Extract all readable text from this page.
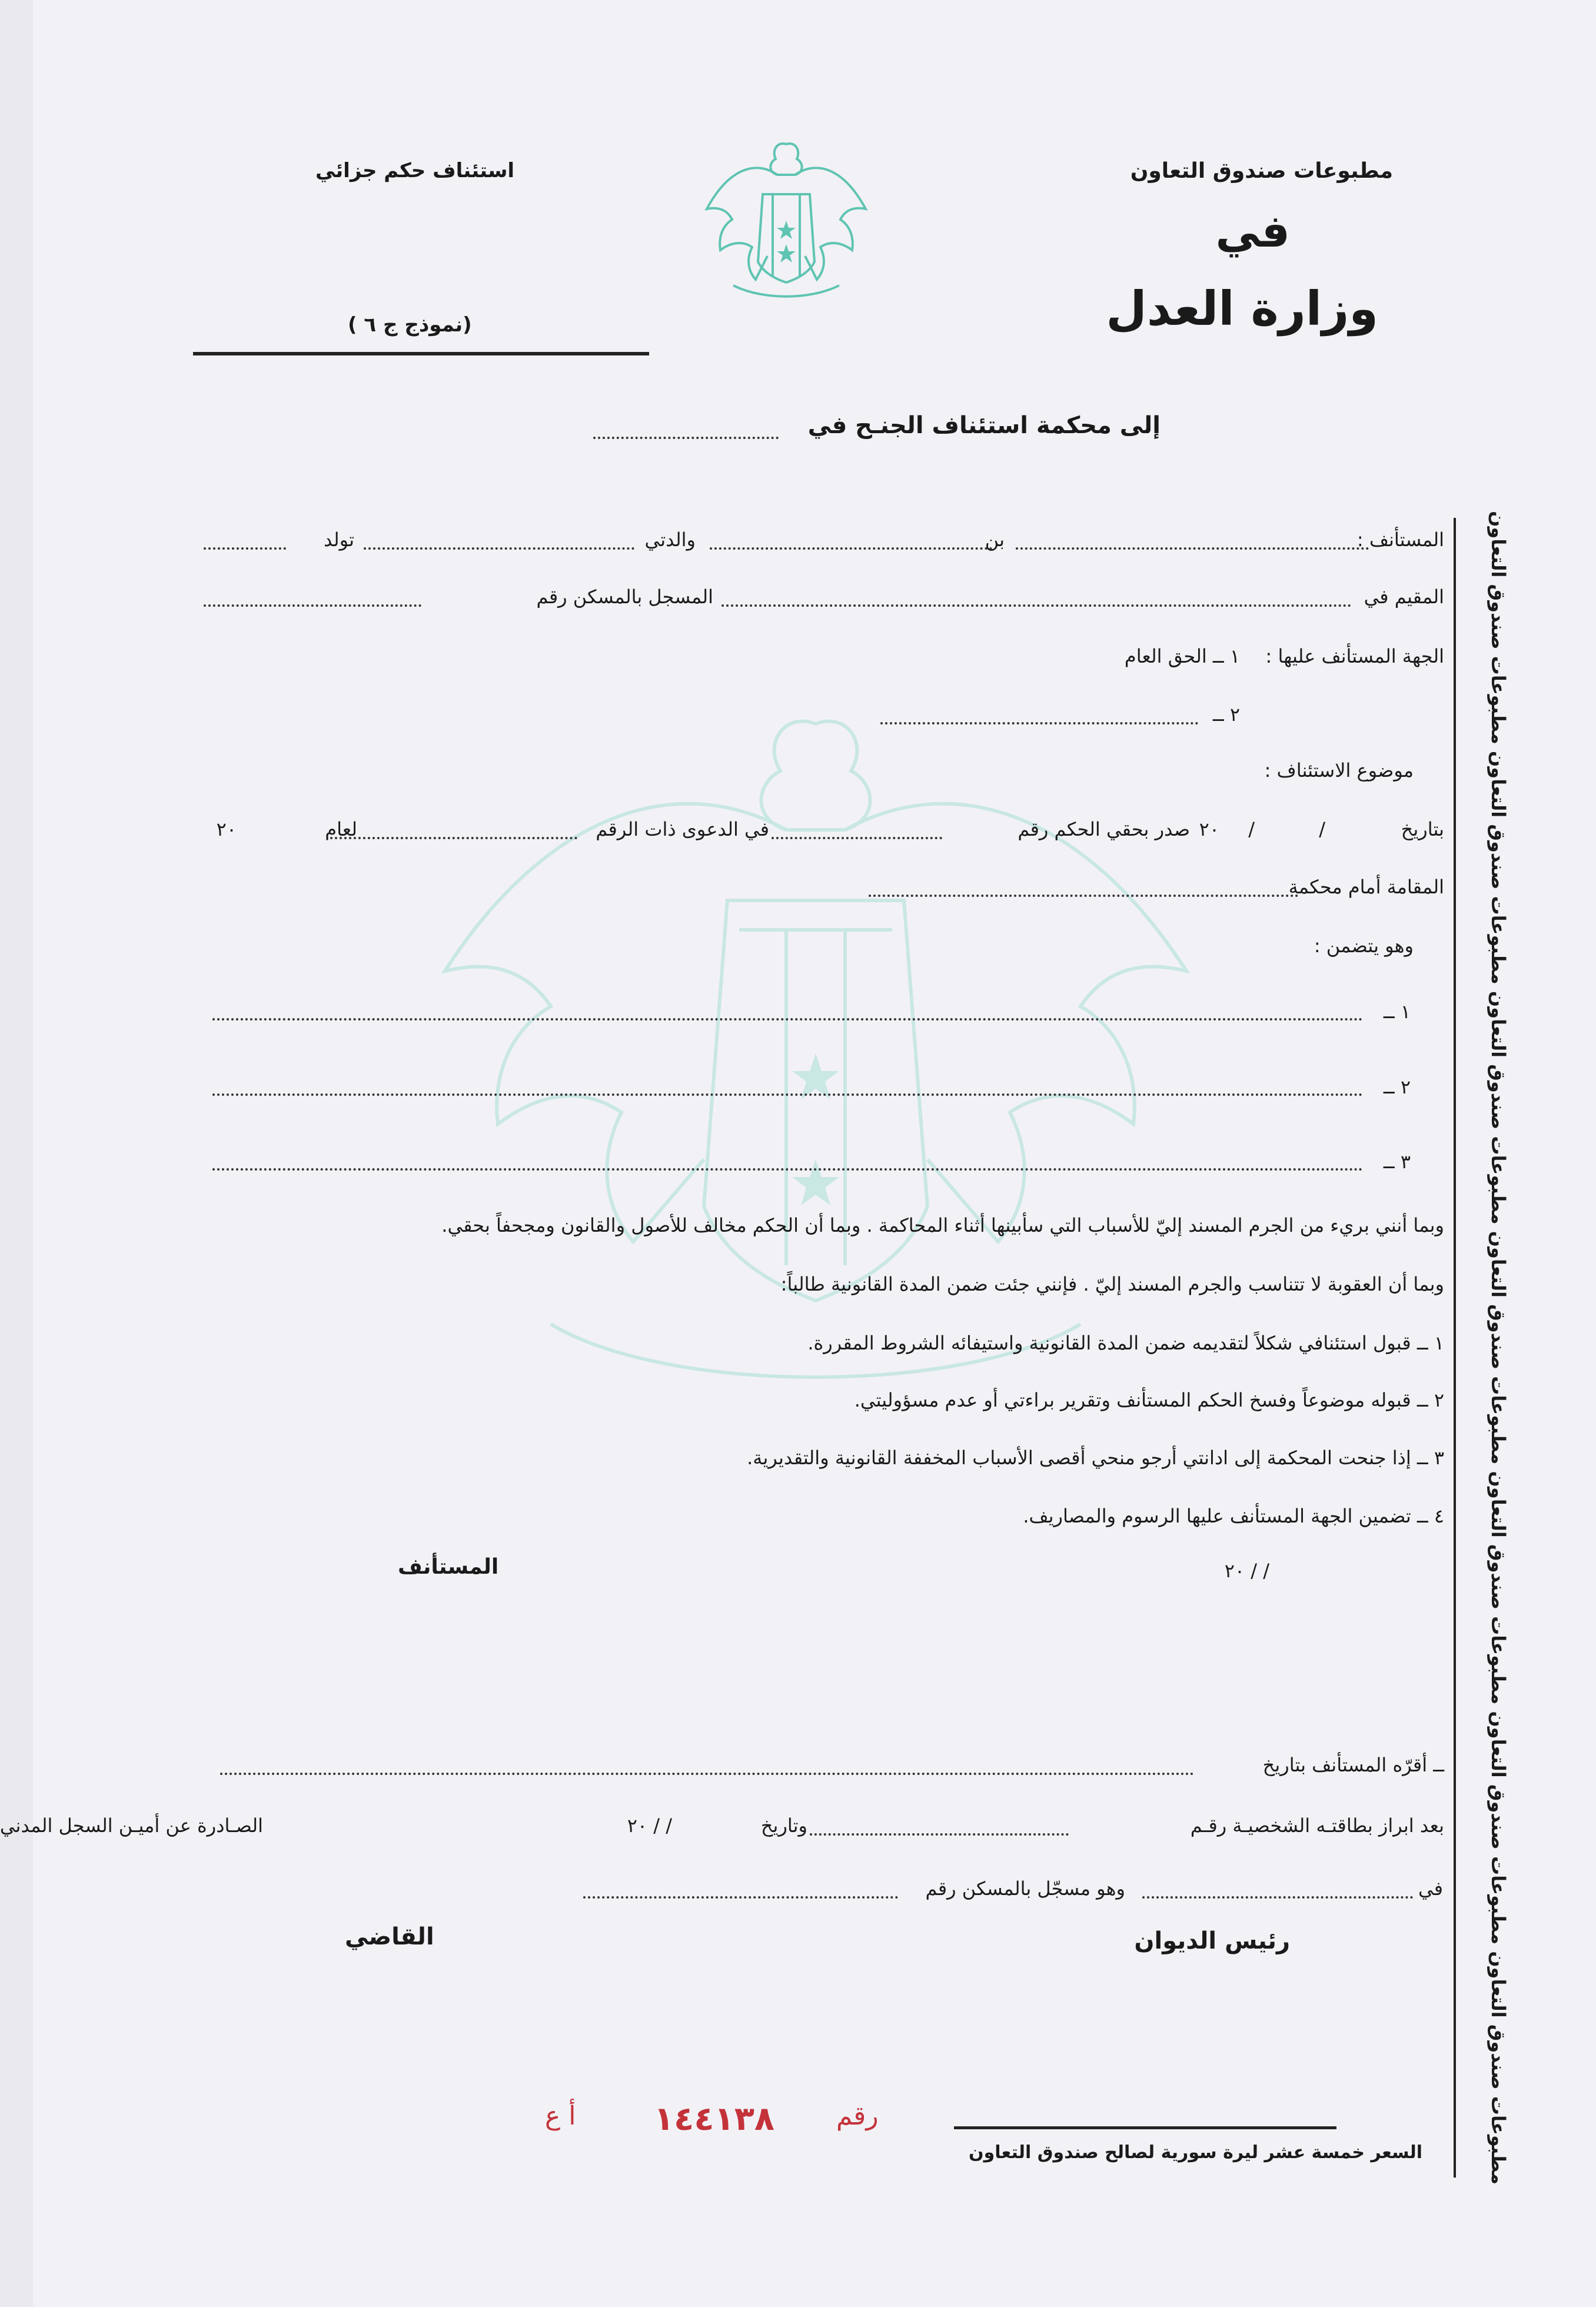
مطبوعات صندوق التعاون
في
وزارة العدل
استئناف حكم جزائي
(نموذج ج ٦ )
إلى محكمة استئناف الجنـح في
المستأنف :
بن
والدتي
تولد
المقيم في
المسجل بالمسكن رقم
الجهة المستأنف عليها :
١ ــ الحق العام
٢ ــ
موضوع الاستئناف :
بتاريخ
/
/
٢٠
صدر بحقي الحكم رقم
في الدعوى ذات الرقم
لعام
٢٠
المقامة أمام محكمة
وهو يتضمن :
١ ــ
٢ ــ
٣ ــ
وبما أنني بريء من الجرم المسند إليّ للأسباب التي سأبينها أثناء المحاكمة . وبما أن الحكم مخالف للأصول والقانون ومجحفاً بحقي.
وبما أن العقوبة لا تتناسب والجرم المسند إليّ . فإنني جئت ضمن المدة القانونية طالباً:
١ ــ قبول استئنافي شكلاً لتقديمه ضمن المدة القانونية واستيفائه الشروط المقررة.
٢ ــ قبوله موضوعاً وفسخ الحكم المستأنف وتقرير براءتي أو عدم مسؤوليتي.
٣ ــ إذا جنحت المحكمة إلى ادانتي أرجو منحي أقصى الأسباب المخففة القانونية والتقديرية.
٤ ــ تضمين الجهة المستأنف عليها الرسوم والمصاريف.
/ / ٢٠
المستأنف
ــ أقرّه المستأنف بتاريخ
بعد ابراز بطاقتـه الشخصيـة رقـم
وتاريخ
/ / ٢٠
الصـادرة عن أميـن السجل المدني
في
وهو مسجّل بالمسكن رقم
رئيس الديوان
القاضي
رقم
١٤٤١٣٨
أ ع
السعر خمسة عشر ليرة سورية لصالح صندوق التعاون	مطبوعات صندوق التعاون مطبوعات صندوق التعاون مطبوعات صندوق التعاون مطبوعات صندوق التعاون مطبوعات صندوق التعاون مطبوعات صندوق التعاون مطبوعات صندوق التعاون
